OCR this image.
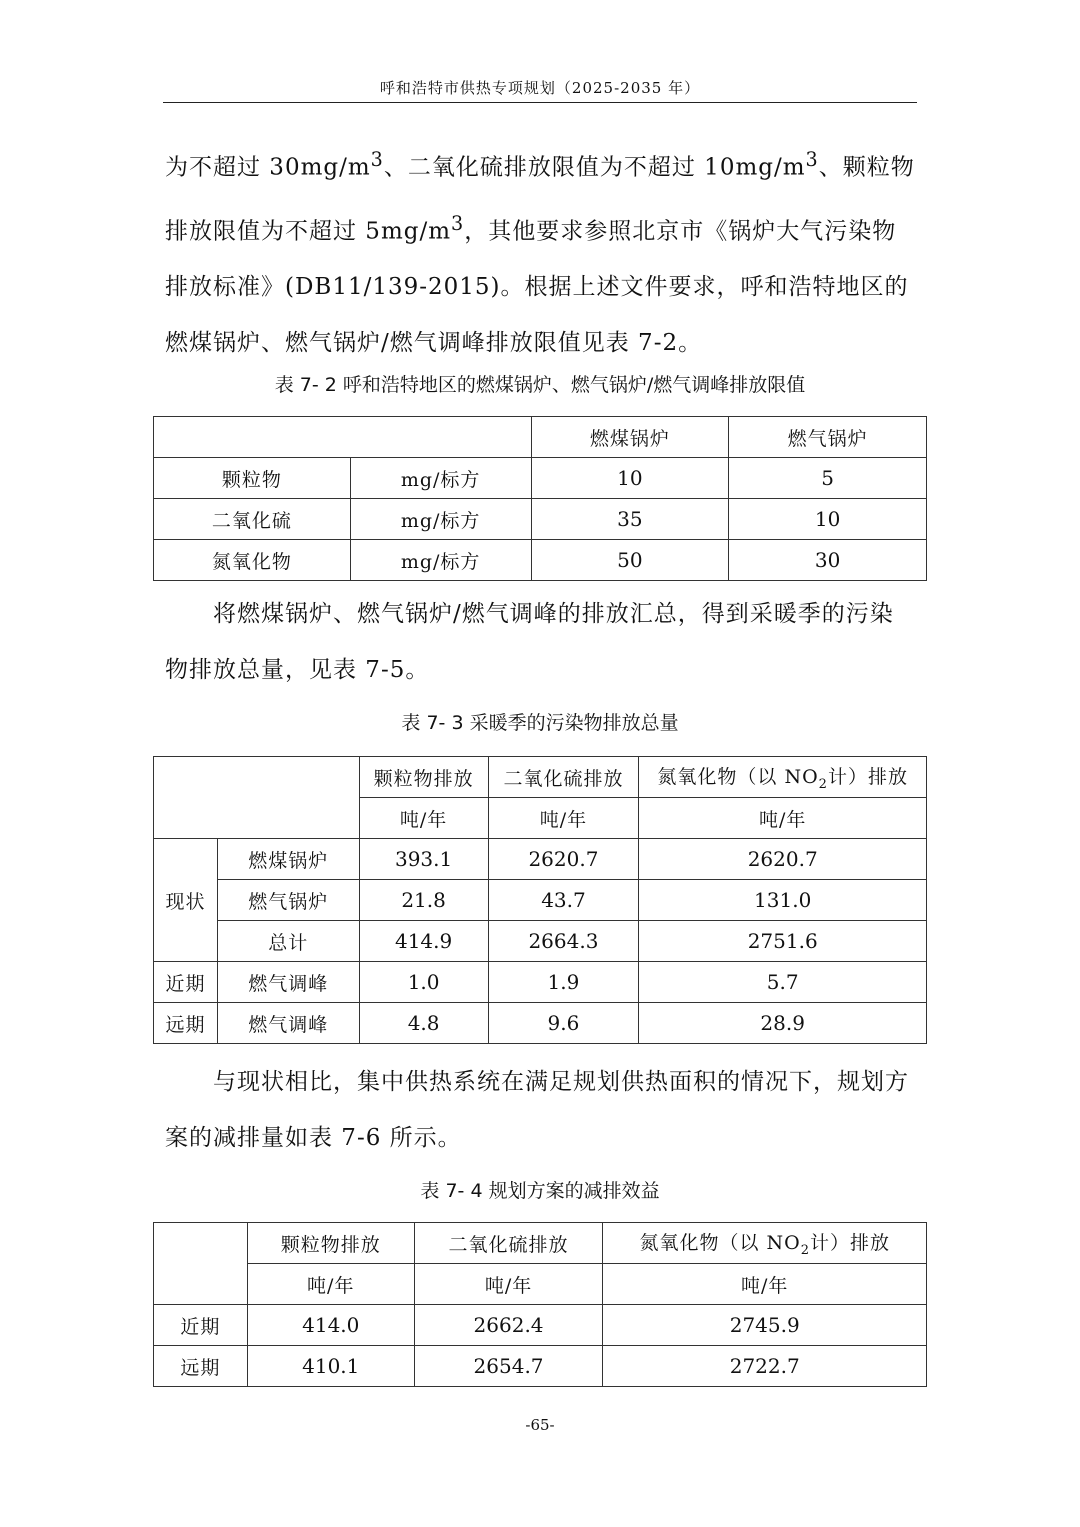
呼和浩特市供热专项规划（2025-2035 年）

为不超过 $30mg/m^3$、二氧化硫排放限值为不超过 $10mg/m^3$、颗粒物排放限值为不超过 $5mg/m^3$，其他要求参照北京市《锅炉大气污染物排放标准》(DB11/139-2015)。根据上述文件要求，呼和浩特地区的燃煤锅炉、燃气锅炉/燃气调峰排放限值见表 7-2。

表 7- 2 呼和浩特地区的燃煤锅炉、燃气锅炉/燃气调峰排放限值
		燃煤锅炉	燃气锅炉
颗粒物	mg/标方	10	5
二氧化硫	mg/标方	35	10
氮氧化物	mg/标方	50	30

将燃煤锅炉、燃气锅炉/燃气调峰的排放汇总，得到采暖季的污染物排放总量，见表 7-5。

表 7- 3 采暖季的污染物排放总量
		颗粒物排放	二氧化硫排放	氮氧化物（以 $NO_2$计）排放
		吨/年	吨/年	吨/年
现状	燃煤锅炉	393.1	2620.7	2620.7
	燃气锅炉	21.8	43.7	131.0
	总计	414.9	2664.3	2751.6
近期	燃气调峰	1.0	1.9	5.7
远期	燃气调峰	4.8	9.6	28.9

与现状相比，集中供热系统在满足规划供热面积的情况下，规划方案的减排量如表 7-6 所示。

表 7- 4 规划方案的减排效益
	颗粒物排放	二氧化硫排放	氮氧化物（以 $NO_2$计）排放
	吨/年	吨/年	吨/年
近期	414.0	2662.4	2745.9
远期	410.1	2654.7	2722.7
-65-
